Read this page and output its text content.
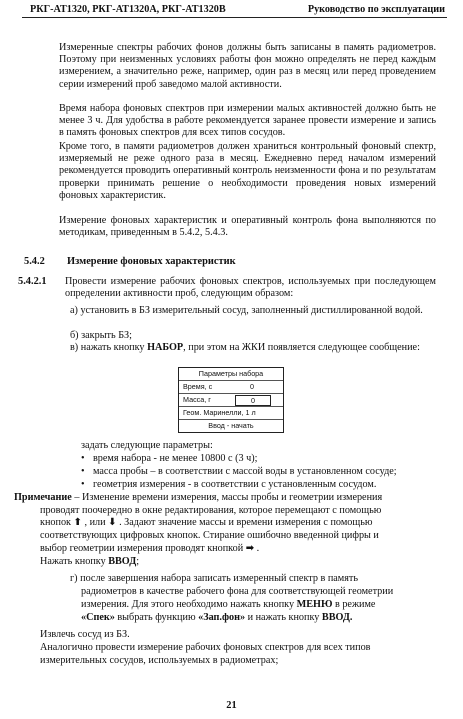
РКГ-АТ1320, РКГ-АТ1320А, РКГ-АТ1320В	Руководство по эксплуатации

Измеренные спектры рабочих фонов должны быть записаны в память радиометров. Поэтому при неизменных условиях работы фон можно определять не перед каждым измерением, а значительно реже, например, один раз в месяц или перед проведением серии измерений проб заведомо малой активности.

Время набора фоновых спектров при измерении малых активностей должно быть не менее 3 ч. Для удобства в работе рекомендуется заранее провести измерение и запись в память фоновых спектров для всех типов сосудов.

Кроме того, в памяти радиометров должен храниться контрольный фоновый спектр, измеряемый не реже одного раза в месяц. Ежедневно перед началом измерений рекомендуется проводить оперативный контроль неизменности фона и по результатам проверки принимать решение о необходимости проведения новых измерений фоновых характеристик.

Измерение фоновых характеристик и оперативный контроль фона выполняются по методикам, приведенным в 5.4.2, 5.4.3.

5.4.2 Измерение фоновых характеристик
5.4.2.1 Провести измерение рабочих фоновых спектров, используемых при последующем определении активности проб, следующим образом:
а) установить в БЗ измерительный сосуд, заполненный дистиллированной водой.
б) закрыть БЗ;
в) нажать кнопку НАБОР, при этом на ЖКИ появляется следующее сообщение:
Параметры набора
Время, с	0
Масса, г	0
Геом. Маринелли, 1 л
Ввод - начать
задать следующие параметры:
• время набора - не менее 10800 с (3 ч);
• масса пробы – в соответствии с массой воды в установленном сосуде;
• геометрия измерения - в соответствии с установленным сосудом.
Примечание – Изменение времени измерения, массы пробы и геометрии измерения
проводят поочередно в окне редактирования, которое перемещают с помощью
кнопок ⬆ , или ⬇ . Задают значение массы и времени измерения с помощью
соответствующих цифровых кнопок. Стирание ошибочно введенной цифры и
выбор геометрии измерения проводят кнопкой ➡ .
Нажать кнопку ВВОД;
г) после завершения набора записать измеренный спектр в память
радиометров в качестве рабочего фона для соответствующей геометрии
измерения. Для этого необходимо нажать кнопку МЕНЮ в режиме
«Спек» выбрать функцию «Зап.фон» и нажать кнопку ВВОД.
Извлечь сосуд из БЗ.
Аналогично провести измерение рабочих фоновых спектров для всех типов
измерительных сосудов, используемых в радиометрах;
21
